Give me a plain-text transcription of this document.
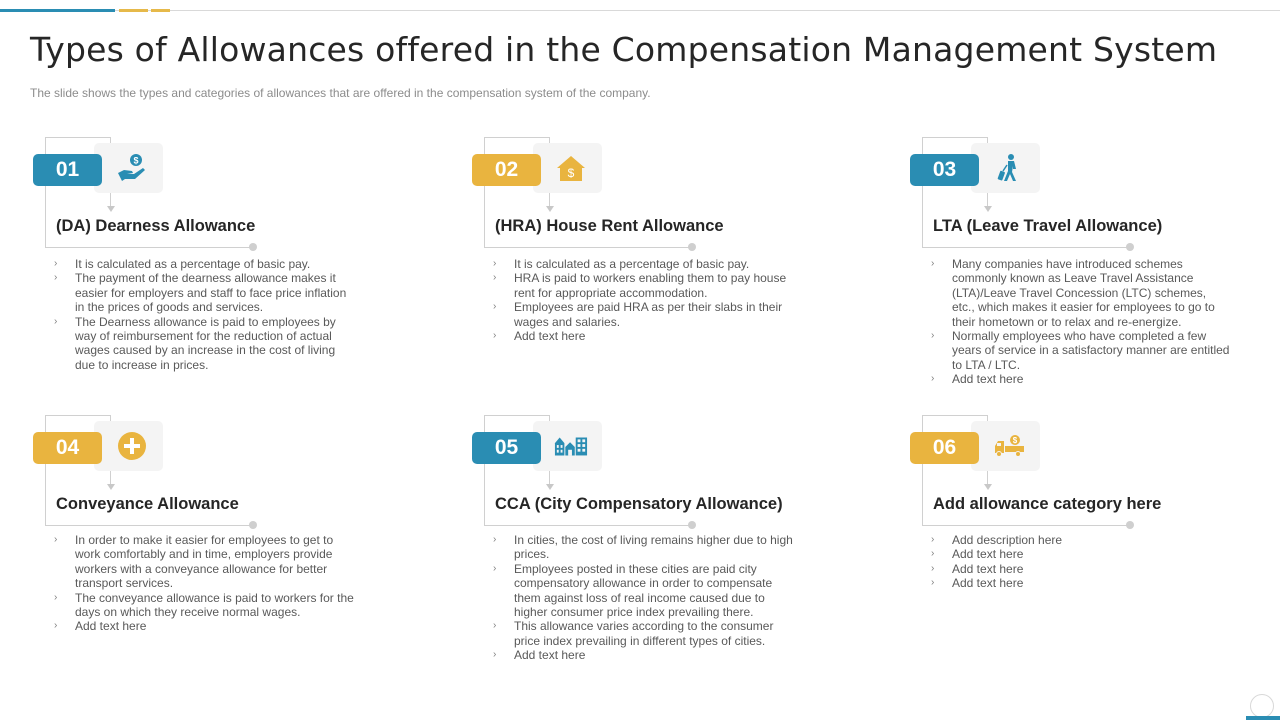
Types of Allowances offered in the Compensation Management System
The slide shows the types and categories of allowances that are offered in the compensation system of the company.
01	$
(DA) Dearness Allowance
› It is calculated as a percentage of basic pay.
› The payment of the dearness allowance makes it easier for employers and staff to face price inflation in the prices of goods and services.
› The Dearness allowance is paid to employees by way of reimbursement for the reduction of actual wages caused by an increase in the cost of living due to increase in prices.
02	$
(HRA) House Rent Allowance
› It is calculated as a percentage of basic pay.
› HRA is paid to workers enabling them to pay house rent for appropriate accommodation.
› Employees are paid HRA as per their slabs in their wages and salaries.
› Add text here
03
LTA (Leave Travel Allowance)
› Many companies have introduced schemes commonly known as Leave Travel Assistance (LTA)/Leave Travel Concession (LTC) schemes, etc., which makes it easier for employees to go to their hometown or to relax and re-energize.
› Normally employees who have completed a few years of service in a satisfactory manner are entitled to LTA / LTC.
› Add text here
04
Conveyance Allowance
› In order to make it easier for employees to get to work comfortably and in time, employers provide workers with a conveyance allowance for better transport services.
› The conveyance allowance is paid to workers for the days on which they receive normal wages.
› Add text here
05
CCA (City Compensatory Allowance)
› In cities, the cost of living remains higher due to high prices.
› Employees posted in these cities are paid city compensatory allowance in order to compensate them against loss of real income caused due to higher consumer price index prevailing there.
› This allowance varies according to the consumer price index prevailing in different types of cities.
› Add text here
06	$
Add allowance category here
› Add description here
› Add text here
› Add text here
› Add text here
